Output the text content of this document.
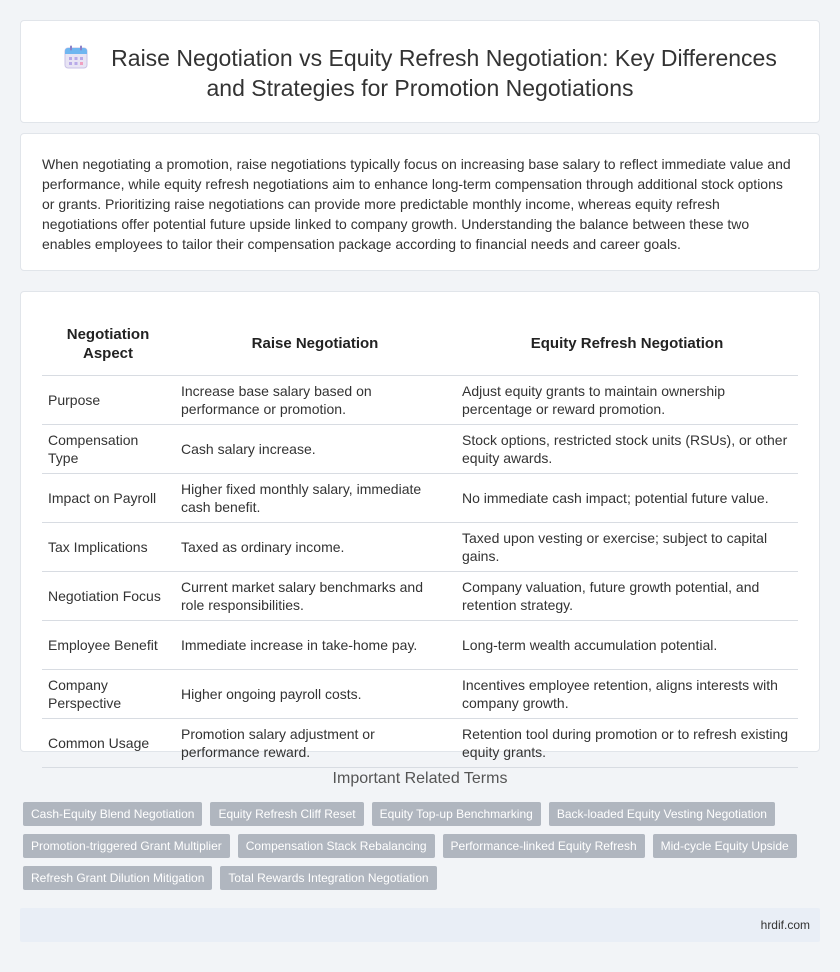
Raise Negotiation vs Equity Refresh Negotiation: Key Differences and Strategies for Promotion Negotiations

When negotiating a promotion, raise negotiations typically focus on increasing base salary to reflect immediate value and performance, while equity refresh negotiations aim to enhance long-term compensation through additional stock options or grants. Prioritizing raise negotiations can provide more predictable monthly income, whereas equity refresh negotiations offer potential future upside linked to company growth. Understanding the balance between these two enables employees to tailor their compensation package according to financial needs and career goals.

Negotiation Aspect		Raise Negotiation		Equity Refresh Negotiation
Purpose		Increase base salary based on performance or promotion.		Adjust equity grants to maintain ownership percentage or reward promotion.
Compensation Type		Cash salary increase.		Stock options, restricted stock units (RSUs), or other equity awards.
Impact on Payroll		Higher fixed monthly salary, immediate cash benefit.		No immediate cash impact; potential future value.
Tax Implications		Taxed as ordinary income.		Taxed upon vesting or exercise; subject to capital gains.
Negotiation Focus		Current market salary benchmarks and role responsibilities.		Company valuation, future growth potential, and retention strategy.
Employee Benefit		Immediate increase in take-home pay.		Long-term wealth accumulation potential.
Company Perspective		Higher ongoing payroll costs.		Incentives employee retention, aligns interests with company growth.
Common Usage		Promotion salary adjustment or performance reward.		Retention tool during promotion or to refresh existing equity grants.
Important Related Terms
Cash-Equity Blend Negotiation	Equity Refresh Cliff Reset	Equity Top-up Benchmarking	Back-loaded Equity Vesting Negotiation
Promotion-triggered Grant Multiplier	Compensation Stack Rebalancing	Performance-linked Equity Refresh	Mid-cycle Equity Upside
Refresh Grant Dilution Mitigation	Total Rewards Integration Negotiation
hrdif.com
